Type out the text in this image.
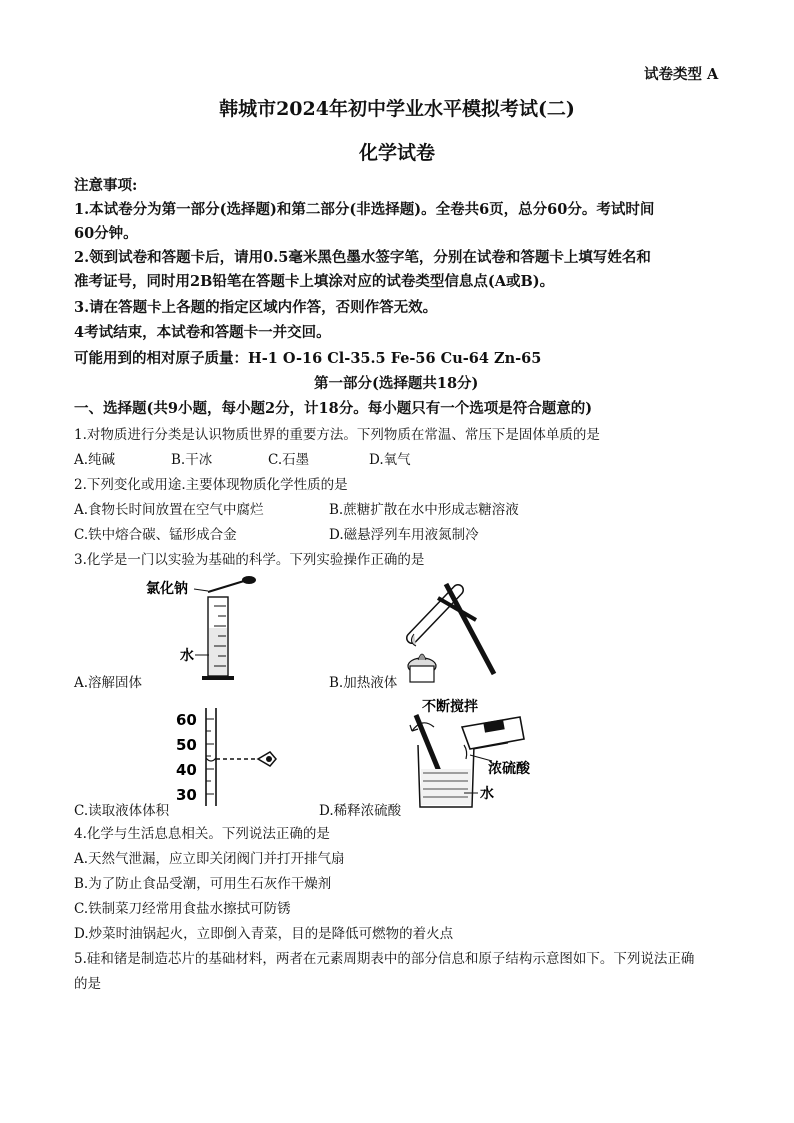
试卷类型 A
韩城市2024年初中学业水平模拟考试(二)
化学试卷
注意事项:
1.本试卷分为第一部分(选择题)和第二部分(非选择题)。全卷共6页，总分60分。考试时间
60分钟。
2.领到试卷和答题卡后，请用0.5毫米黑色墨水签字笔，分别在试卷和答题卡上填写姓名和
准考证号，同时用2B铅笔在答题卡上填涂对应的试卷类型信息点(A或B)。
3.请在答题卡上各题的指定区域内作答，否则作答无效。
4考试结束，本试卷和答题卡一并交回。
可能用到的相对原子质量：H-1 O-16 Cl-35.5 Fe-56 Cu-64 Zn-65
第一部分(选择题共18分)
一、选择题(共9小题，每小题2分，计18分。每小题只有一个选项是符合题意的)
1.对物质进行分类是认识物质世界的重要方法。下列物质在常温、常压下是固体单质的是
A.纯碱	B.干冰	C.石墨	D.氧气
2.下列变化或用途.主要体现物质化学性质的是
A.食物长时间放置在空气中腐烂	B.蔗糖扩散在水中形成志糖溶液
C.铁中熔合碳、锰形成合金	D.磁悬浮列车用液氮制冷
3.化学是一门以实验为基础的科学。下列实验操作正确的是
氯化钠
水
A.溶解固体	B.加热液体
60
50
40
30
不断搅拌
浓硫酸
水
C.读取液体体积	D.稀释浓硫酸
4.化学与生活息息相关。下列说法正确的是
A.天然气泄漏，应立即关闭阀门并打开排气扇
B.为了防止食品受潮，可用生石灰作干燥剂
C.铁制菜刀经常用食盐水擦拭可防锈
D.炒菜时油锅起火，立即倒入青菜，目的是降低可燃物的着火点
5.硅和锗是制造芯片的基础材料，两者在元素周期表中的部分信息和原子结构示意图如下。下列说法正确
的是
